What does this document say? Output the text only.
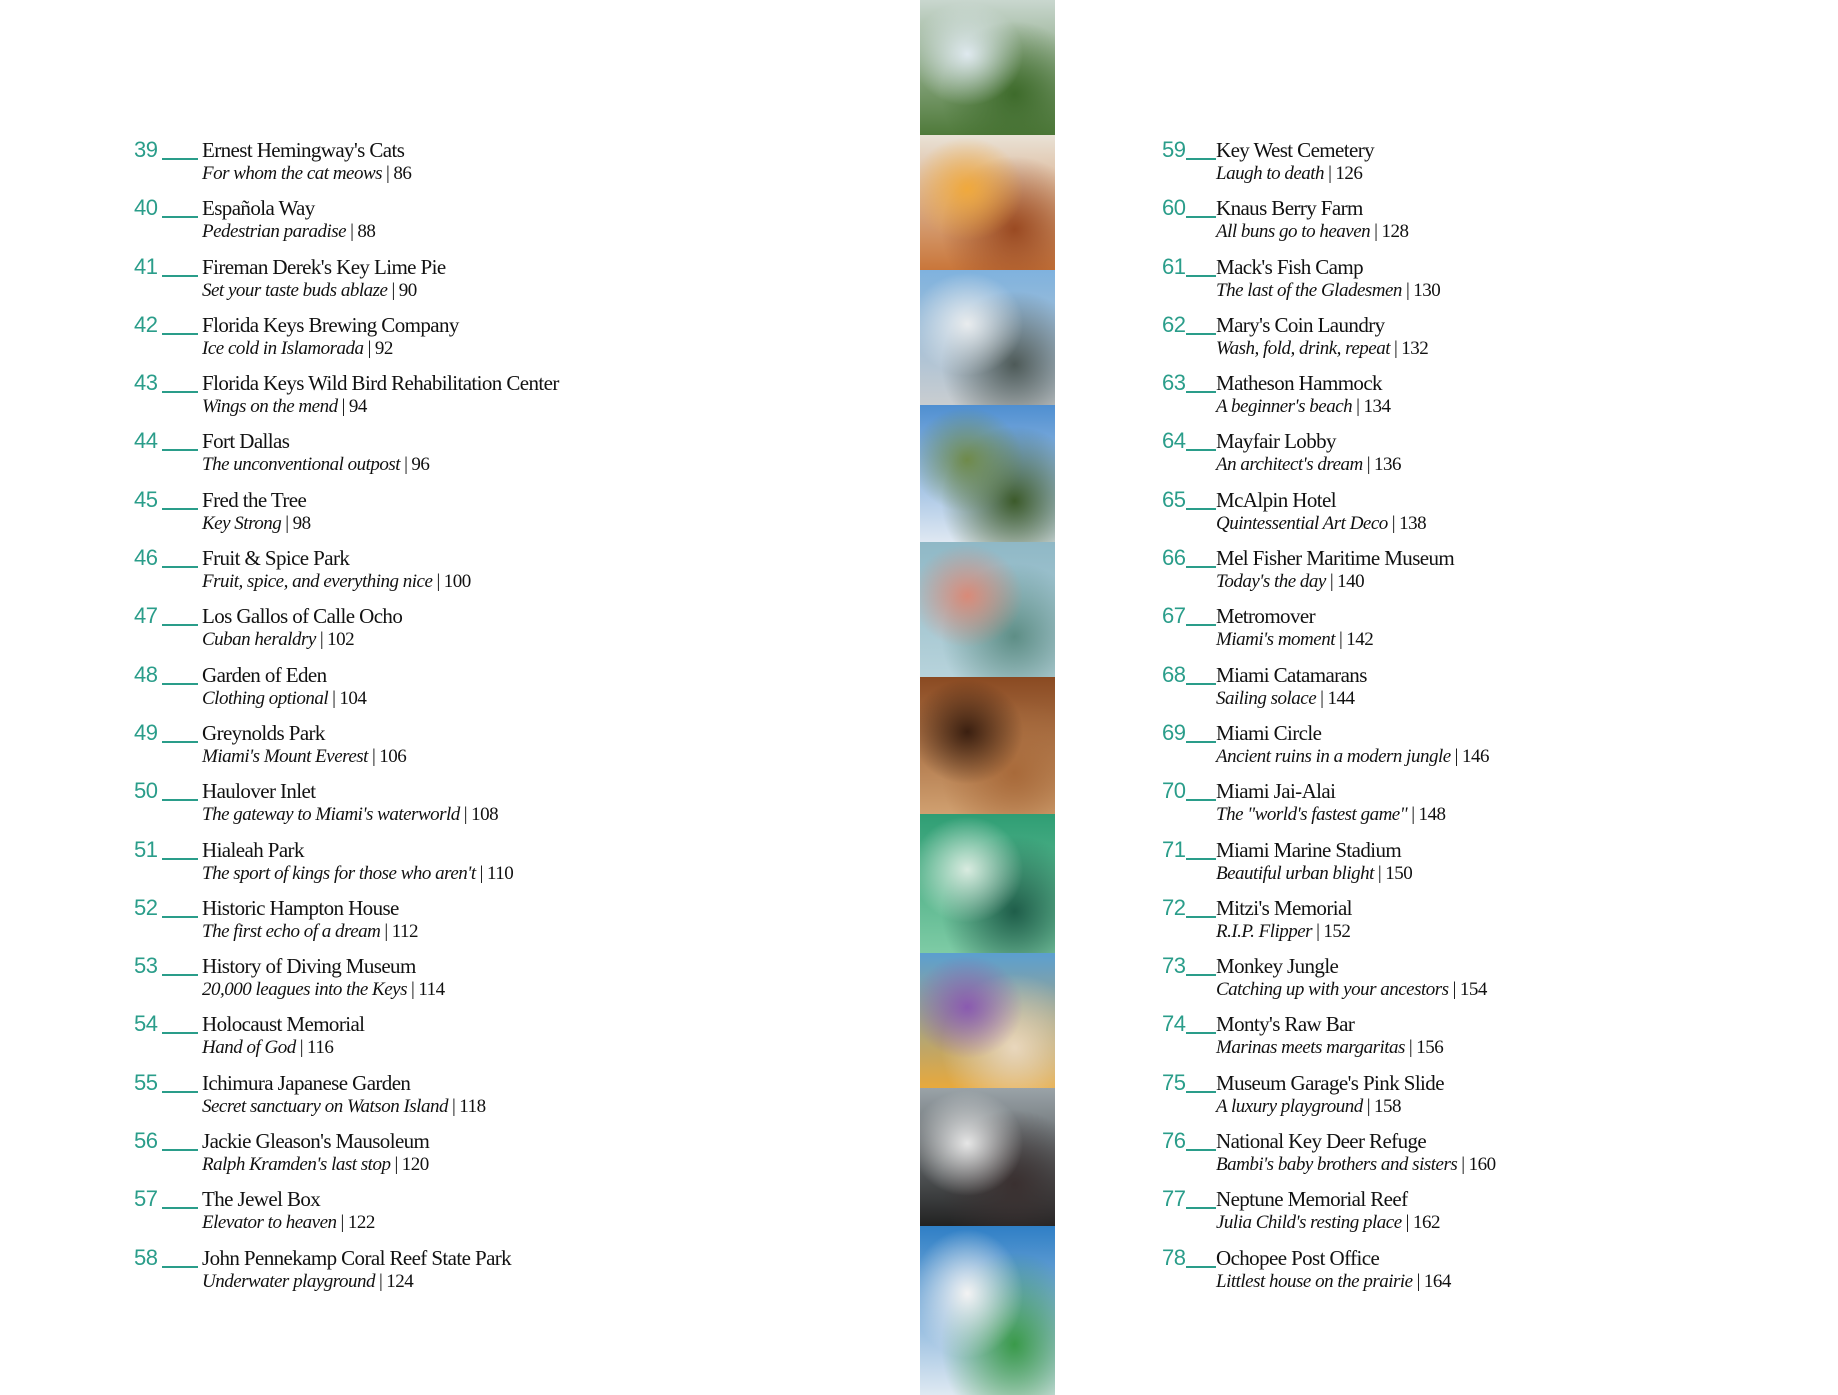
39 Ernest Hemingway's Cats
For whom the cat meows | 86
40 Española Way
Pedestrian paradise | 88
41 Fireman Derek's Key Lime Pie
Set your taste buds ablaze | 90
42 Florida Keys Brewing Company
Ice cold in Islamorada | 92
43 Florida Keys Wild Bird Rehabilitation Center
Wings on the mend | 94
44 Fort Dallas
The unconventional outpost | 96
45 Fred the Tree
Key Strong | 98
46 Fruit & Spice Park
Fruit, spice, and everything nice | 100
47 Los Gallos of Calle Ocho
Cuban heraldry | 102
48 Garden of Eden
Clothing optional | 104
49 Greynolds Park
Miami's Mount Everest | 106
50 Haulover Inlet
The gateway to Miami's waterworld | 108
51 Hialeah Park
The sport of kings for those who aren't | 110
52 Historic Hampton House
The first echo of a dream | 112
53 History of Diving Museum
20,000 leagues into the Keys | 114
54 Holocaust Memorial
Hand of God | 116
55 Ichimura Japanese Garden
Secret sanctuary on Watson Island | 118
56 Jackie Gleason's Mausoleum
Ralph Kramden's last stop | 120
57 The Jewel Box
Elevator to heaven | 122
58 John Pennekamp Coral Reef State Park
Underwater playground | 124
59 Key West Cemetery
Laugh to death | 126
60 Knaus Berry Farm
All buns go to heaven | 128
61 Mack's Fish Camp
The last of the Gladesmen | 130
62 Mary's Coin Laundry
Wash, fold, drink, repeat | 132
63 Matheson Hammock
A beginner's beach | 134
64 Mayfair Lobby
An architect's dream | 136
65 McAlpin Hotel
Quintessential Art Deco | 138
66 Mel Fisher Maritime Museum
Today's the day | 140
67 Metromover
Miami's moment | 142
68 Miami Catamarans
Sailing solace | 144
69 Miami Circle
Ancient ruins in a modern jungle | 146
70 Miami Jai-Alai
The "world's fastest game" | 148
71 Miami Marine Stadium
Beautiful urban blight | 150
72 Mitzi's Memorial
R.I.P. Flipper | 152
73 Monkey Jungle
Catching up with your ancestors | 154
74 Monty's Raw Bar
Marinas meets margaritas | 156
75 Museum Garage's Pink Slide
A luxury playground | 158
76 National Key Deer Refuge
Bambi's baby brothers and sisters | 160
77 Neptune Memorial Reef
Julia Child's resting place | 162
78 Ochopee Post Office
Littlest house on the prairie | 164
